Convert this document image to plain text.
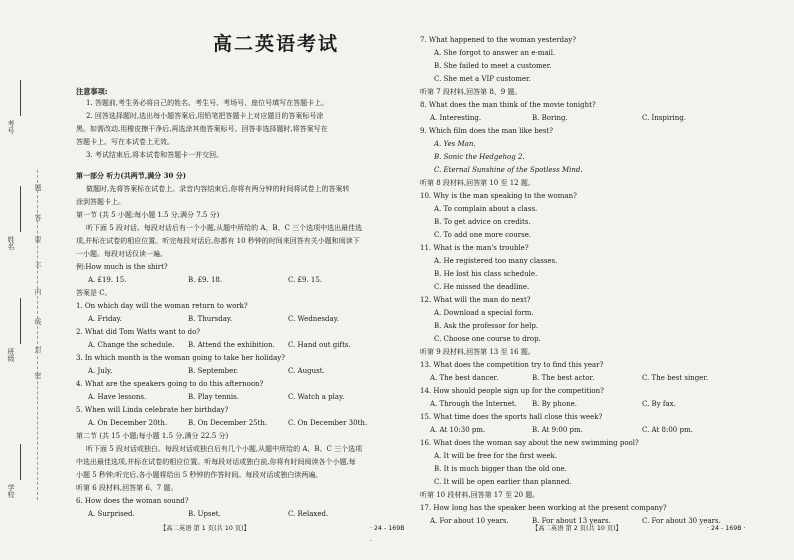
考号
姓名
班级
学校
题
答
要
不
内
线
封
密
高二英语考试
注意事项:
1. 答题前,考生务必将自己的姓名、考生号、考场号、座位号填写在答题卡上。
2. 回答选择题时,选出每小题答案后,用铅笔把答题卡上对应题目的答案标号涂
黑。如需改动,用橡皮擦干净后,再选涂其他答案标号。回答非选择题时,将答案写在
答题卡上。写在本试卷上无效。
3. 考试结束后,将本试卷和答题卡一并交回。
第一部分 听力(共两节,满分 30 分)
做题时,先将答案标在试卷上。录音内容结束后,你将有两分钟的时间将试卷上的答案转
涂到答题卡上。
第一节 (共 5 小题;每小题 1.5 分,满分 7.5 分)
听下面 5 段对话。每段对话后有一个小题,从题中所给的 A、B、C 三个选项中选出最佳选
项,并标在试卷的相应位置。听完每段对话后,你都有 10 秒钟的时间来回答有关小题和阅读下
一小题。每段对话仅读一遍。
例:How much is the shirt?
A. £19. 15.	B. £9. 18.	C. £9. 15.
答案是 C。
第二节 (共 15 小题;每小题 1.5 分,满分 22.5 分)
听下面 5 段对话或独白。每段对话或独白后有几个小题,从题中所给的 A、B、C 三个选项
中选出最佳选项,并标在试卷的相应位置。听每段对话或独白前,你将有时间阅读各个小题,每
小题 5 秒钟;听完后,各小题将给出 5 秒钟的作答时间。每段对话或独白读两遍。
听第 6 段材料,回答第 6、7 题。
6. How does the woman sound?
A. Surprised.	B. Upset.	C. Relaxed.
【高二英语 第 1 页(共 10 页)】	· 24 - 169B ·
1. On which day will the woman return to work?
A. Friday.	B. Thursday.	C. Wednesday.
2. What did Tom Watts want to do?
A. Change the schedule. B. Attend the exhibition. C. Hand out gifts.
3. In which month is the woman going to take her holiday?
A. July.	B. September.	C. August.
4. What are the speakers going to do this afternoon?
A. Have lessons.	B. Play tennis.	C. Watch a play.
5. When will Linda celebrate her birthday?
A. On December 20th.	B. On December 25th.	C. On December 30th.
【高二英语 第 2 页(共 10 页)】	· 24 - 169B ·
7. What happened to the woman yesterday?
A. She forgot to answer an e-mail.
B. She failed to meet a customer.
C. She met a VIP customer.
听第 7 段材料,回答第 8、9 题。
8. What does the man think of the movie tonight?
A. Interesting.	B. Boring.	C. Inspiring.
9. Which film does the man like best?
A. Yes Man.
B. Sonic the Hedgehog 2.
C. Eternal Sunshine of the Spotless Mind.
听第 8 段材料,回答第 10 至 12 题。
10. Why is the man speaking to the woman?
A. To complain about a class.
B. To get advice on credits.
C. To add one more course.
11. What is the man's trouble?
A. He registered too many classes.
B. He lost his class schedule.
C. He missed the deadline.
12. What will the man do next?
A. Download a special form.
B. Ask the professor for help.
C. Choose one course to drop.
听第 9 段材料,回答第 13 至 16 题。
13. What does the competition try to find this year?
A. The best dancer.	B. The best actor.	C. The best singer.
14. How should people sign up for the competition?
A. Through the Internet. B. By phone.	C. By fax.
15. What time does the sports hall close this week?
A. At 10:30 pm.	B. At 9:00 pm.	C. At 8:00 pm.
16. What does the woman say about the new swimming pool?
A. It will be free for the first week.
B. It is much bigger than the old one.
C. It will be open earlier than planned.
听第 10 段材料,回答第 17 至 20 题。
17. How long has the speaker been working at the present company?
A. For about 10 years.	B. For about 13 years.	C. For about 30 years.
